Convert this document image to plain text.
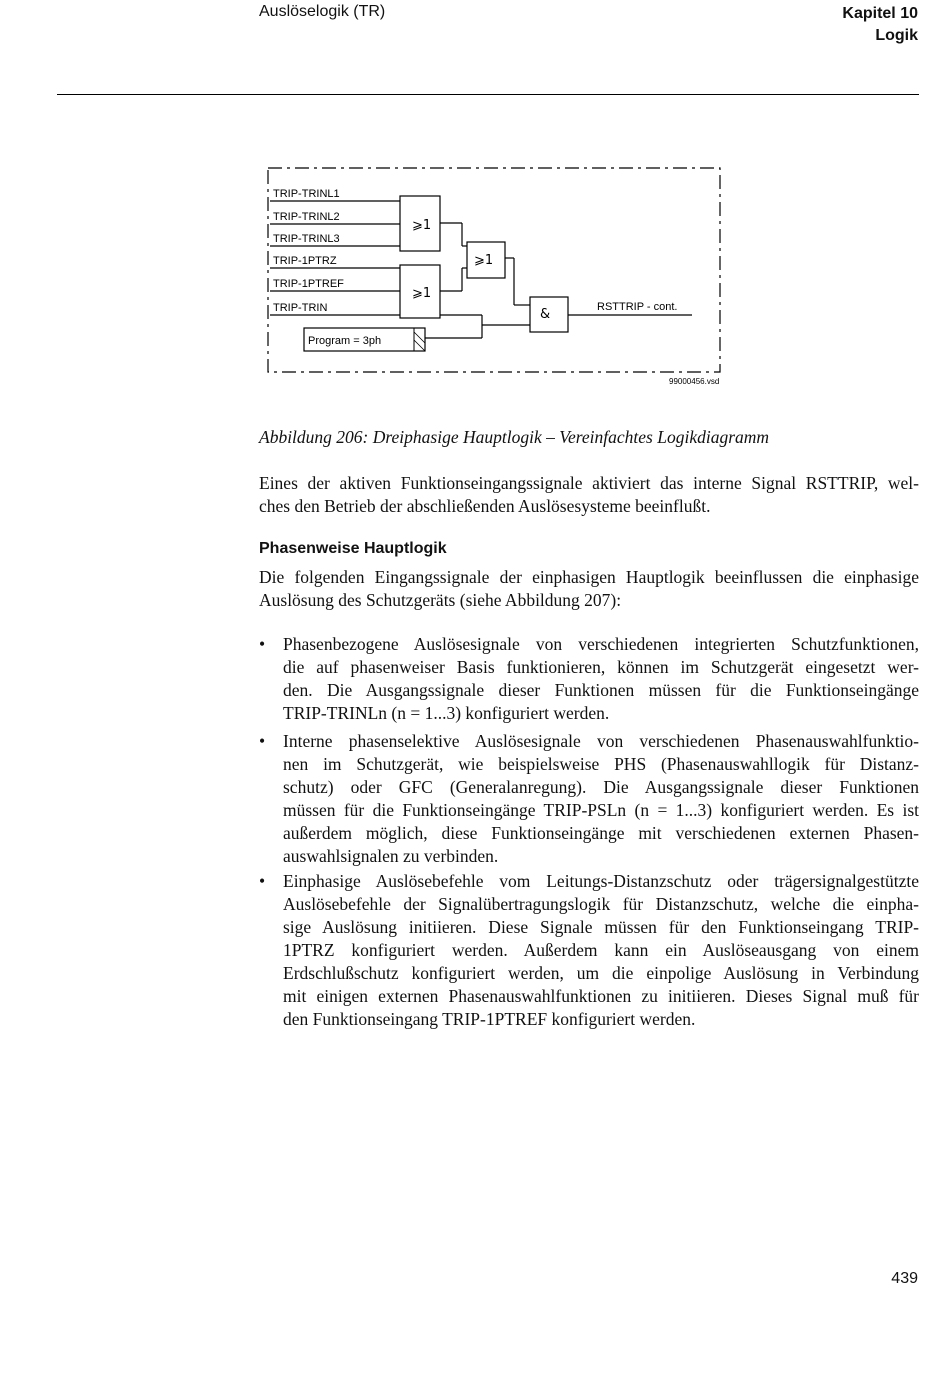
Auslöselogik (TR)	Kapitel 10
Logik
TRIP-TRINL1
TRIP-TRINL2
TRIP-TRINL3
TRIP-1PTRZ
TRIP-1PTREF
TRIP-TRIN
⩾1
⩾1
⩾1
&	RSTTRIP - cont.
Program = 3ph
99000456.vsd
Abbildung 206: Dreiphasige Hauptlogik – Vereinfachtes Logikdiagramm
Eines der aktiven Funktionseingangssignale aktiviert das interne Signal RSTTRIP, wel-
ches den Betrieb der abschließenden Auslösesysteme beeinflußt.
Phasenweise Hauptlogik
Die folgenden Eingangssignale der einphasigen Hauptlogik beeinflussen die einphasige
Auslösung des Schutzgeräts (siehe Abbildung 207):
• Phasenbezogene Auslösesignale von verschiedenen integrierten Schutzfunktionen,
die auf phasenweiser Basis funktionieren, können im Schutzgerät eingesetzt wer-
den. Die Ausgangssignale dieser Funktionen müssen für die Funktionseingänge
TRIP-TRINLn (n = 1...3) konfiguriert werden.
• Interne phasenselektive Auslösesignale von verschiedenen Phasenauswahlfunktio-
nen im Schutzgerät, wie beispielsweise PHS (Phasenauswahllogik für Distanz-
schutz) oder GFC (Generalanregung). Die Ausgangssignale dieser Funktionen
müssen für die Funktionseingänge TRIP-PSLn (n = 1...3) konfiguriert werden. Es ist
außerdem möglich, diese Funktionseingänge mit verschiedenen externen Phasen-
auswahlsignalen zu verbinden.
• Einphasige Auslösebefehle vom Leitungs-Distanzschutz oder trägersignalgestützte
Auslösebefehle der Signalübertragungslogik für Distanzschutz, welche die einpha-
sige Auslösung initiieren. Diese Signale müssen für den Funktionseingang TRIP-
1PTRZ konfiguriert werden. Außerdem kann ein Auslöseausgang von einem
Erdschlußschutz konfiguriert werden, um die einpolige Auslösung in Verbindung
mit einigen externen Phasenauswahlfunktionen zu initiieren. Dieses Signal muß für
den Funktionseingang TRIP-1PTREF konfiguriert werden.
439
